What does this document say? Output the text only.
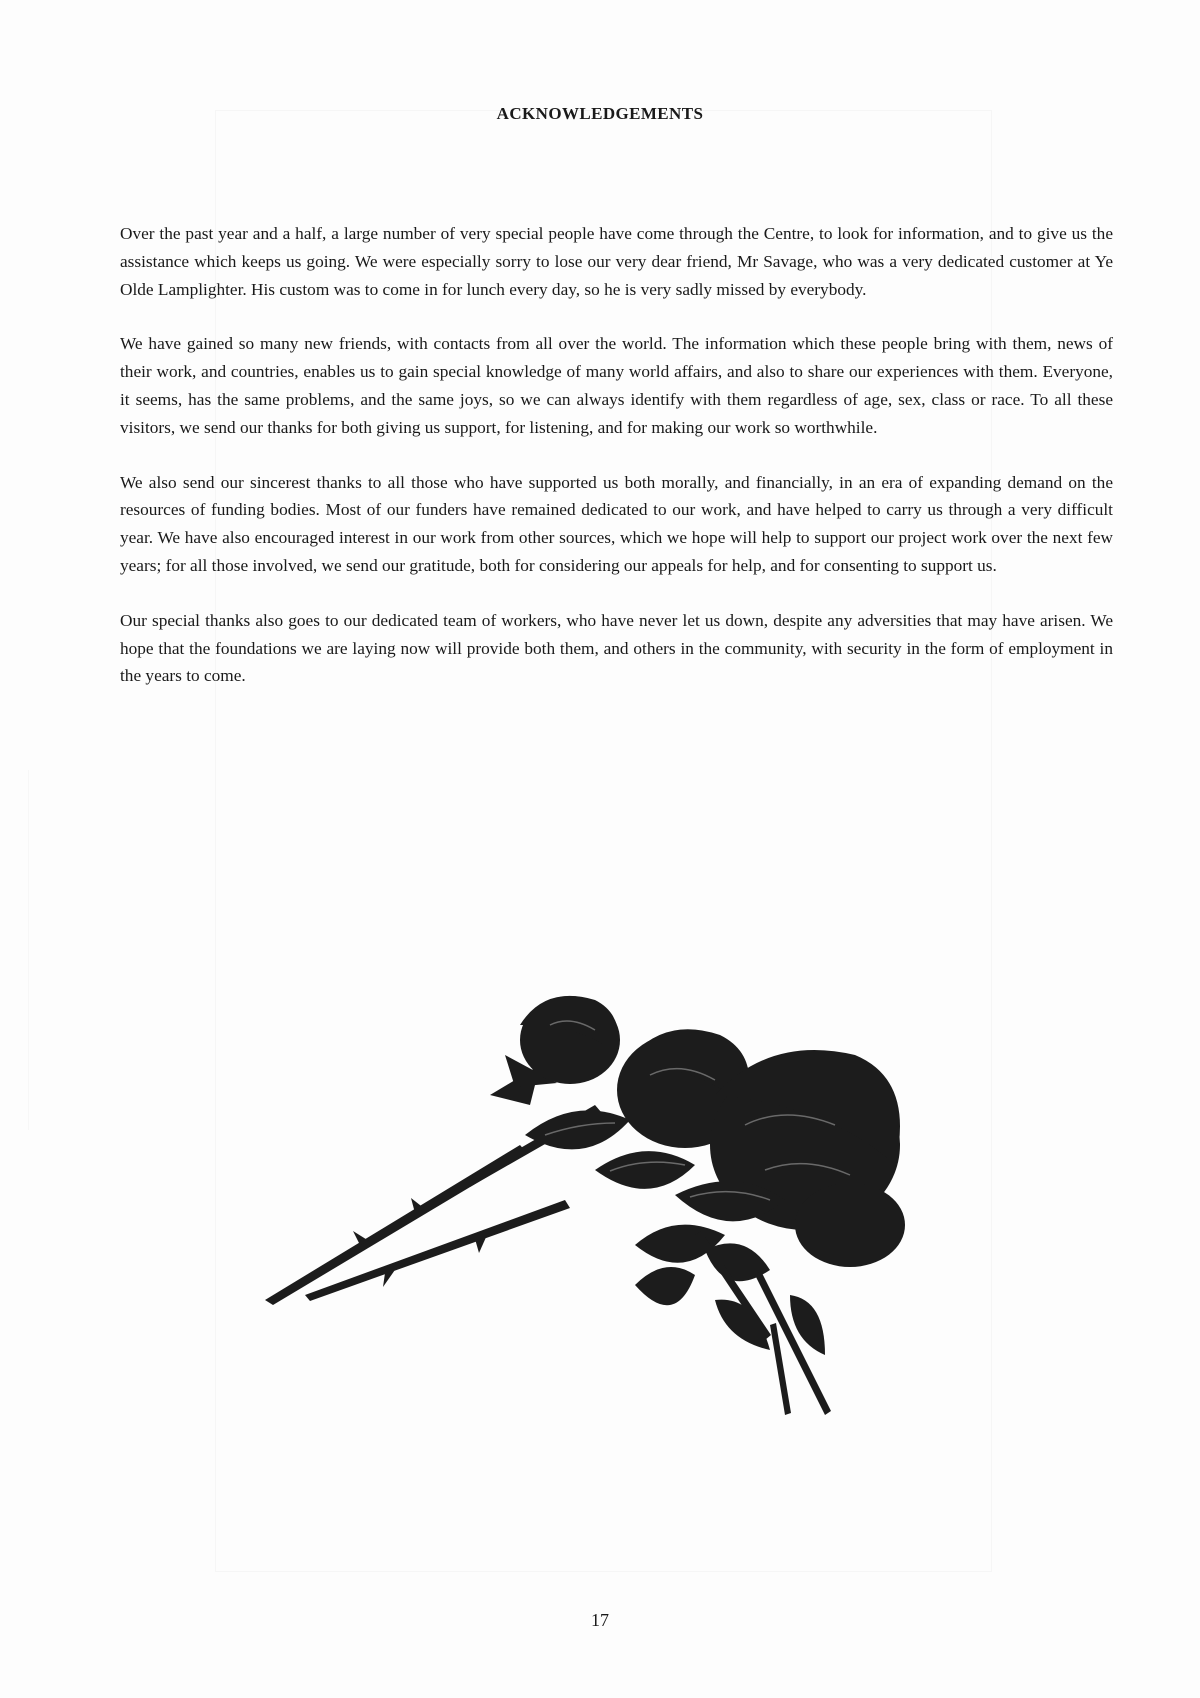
ACKNOWLEDGEMENTS

Over the past year and a half, a large number of very special people have come through the Centre, to look for information, and to give us the assistance which keeps us going. We were especially sorry to lose our very dear friend, Mr Savage, who was a very dedicated customer at Ye Olde Lamplighter. His custom was to come in for lunch every day, so he is very sadly missed by everybody.

We have gained so many new friends, with contacts from all over the world. The information which these people bring with them, news of their work, and countries, enables us to gain special knowledge of many world affairs, and also to share our experiences with them. Everyone, it seems, has the same problems, and the same joys, so we can always identify with them regardless of age, sex, class or race. To all these visitors, we send our thanks for both giving us support, for listening, and for making our work so worthwhile.

We also send our sincerest thanks to all those who have supported us both morally, and financially, in an era of expanding demand on the resources of funding bodies. Most of our funders have remained dedicated to our work, and have helped to carry us through a very difficult year. We have also encouraged interest in our work from other sources, which we hope will help to support our project work over the next few years; for all those involved, we send our gratitude, both for considering our appeals for help, and for consenting to support us.

Our special thanks also goes to our dedicated team of workers, who have never let us down, despite any adversities that may have arisen. We hope that the foundations we are laying now will provide both them, and others in the community, with security in the form of employment in the years to come.

17
